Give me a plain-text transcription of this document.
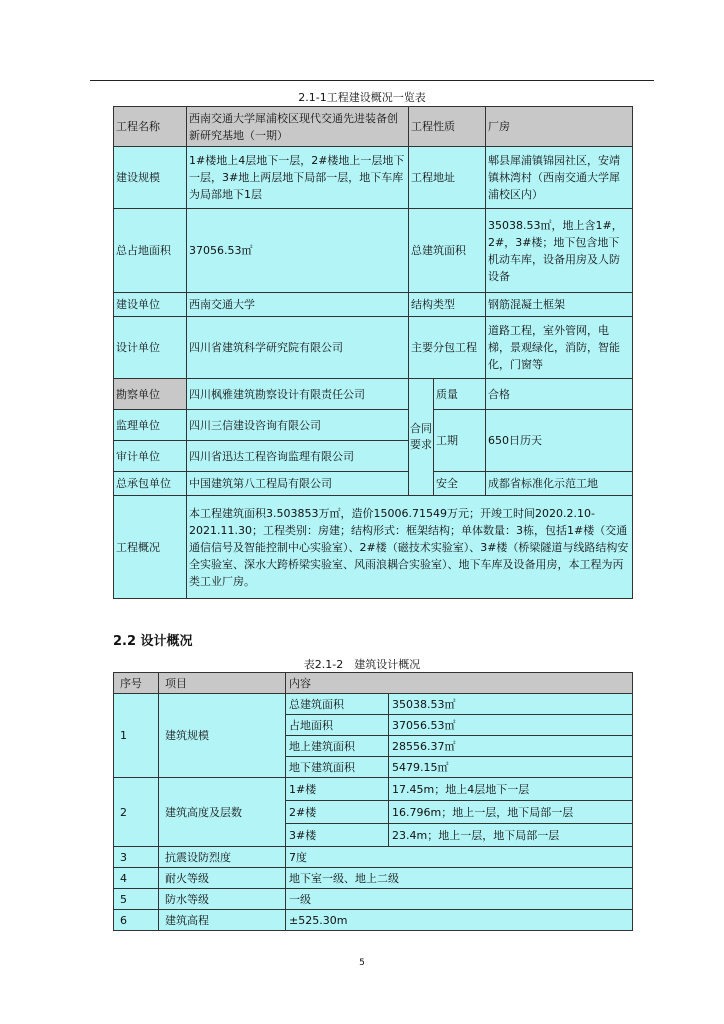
2.1-1工程建设概况一览表
工程名称	西南交通大学犀浦校区现代交通先进装备创新研究基地（一期）	工程性质		厂房
建设规模	1#楼地上4层地下一层，2#楼地上一层地下一层，3#地上两层地下局部一层，地下车库为局部地下1层	工程地址		郫县犀浦镇锦园社区，安靖镇林湾村（西南交通大学犀浦校区内）
总占地面积	37056.53㎡	总建筑面积		35038.53㎡，地上含1#，2#，3#楼；地下包含地下机动车库，设备用房及人防设备
建设单位	西南交通大学	结构类型		钢筋混凝土框架
设计单位	四川省建筑科学研究院有限公司	主要分包工程		道路工程，室外管网，电梯，景观绿化，消防，智能化，门窗等
勘察单位	四川枫雅建筑勘察设计有限责任公司	合同要求	质量	合格
监理单位	四川三信建设咨询有限公司		工期	650日历天
审计单位	四川省迅达工程咨询监理有限公司			
总承包单位	中国建筑第八工程局有限公司		安全	成都省标准化示范工地
工程概况	本工程建筑面积3.503853万㎡，造价15006.71549万元；开竣工时间2020.2.10-2021.11.30；工程类别：房建；结构形式：框架结构；单体数量：3栋，包括1#楼（交通通信信号及智能控制中心实验室）、2#楼（磁技术实验室）、3#楼（桥梁隧道与线路结构安全实验室、深水大跨桥梁实验室、风雨浪耦合实验室）、地下车库及设备用房，本工程为丙类工业厂房。			
2.2 设计概况
表2.1-2　建筑设计概况
序号	项目	内容	
1	建筑规模	总建筑面积	35038.53㎡
		占地面积	37056.53㎡
		地上建筑面积	28556.37㎡
		地下建筑面积	5479.15㎡
2	建筑高度及层数	1#楼	17.45m；地上4层地下一层
		2#楼	16.796m；地上一层，地下局部一层
		3#楼	23.4m；地上一层，地下局部一层
3	抗震设防烈度	7度	
4	耐火等级	地下室一级、地上二级	
5	防水等级	一级	
6	建筑高程	±525.30m	
5
